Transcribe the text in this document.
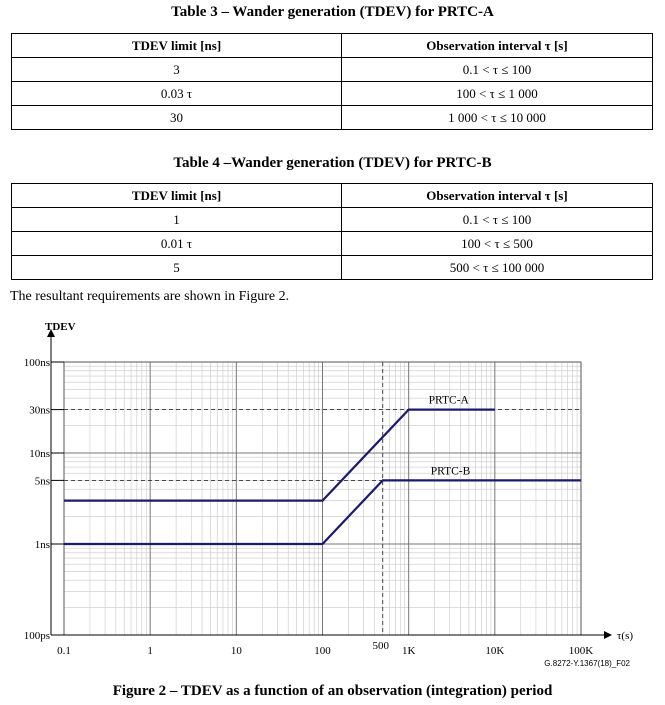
Table 3 – Wander generation (TDEV) for PRTC-A
TDEV limit [ns]	Observation interval τ [s]
3	0.1 < τ ≤ 100
0.03 τ	100 < τ ≤ 1 000
30	1 000 < τ ≤ 10 000
Table 4 –Wander generation (TDEV) for PRTC-B
TDEV limit [ns]	Observation interval τ [s]
1	0.1 < τ ≤ 100
0.01 τ	100 < τ ≤ 500
5	500 < τ ≤ 100 000
The resultant requirements are shown in Figure 2.
PRTC-A
PRTC-B
100ps
1ns
5ns
10ns
30ns
100ns
0.1	1	10	100	1K	10K	100K
500
TDEV
τ(s)
G.8272-Y.1367(18)_F02
Figure 2 – TDEV as a function of an observation (integration) period
